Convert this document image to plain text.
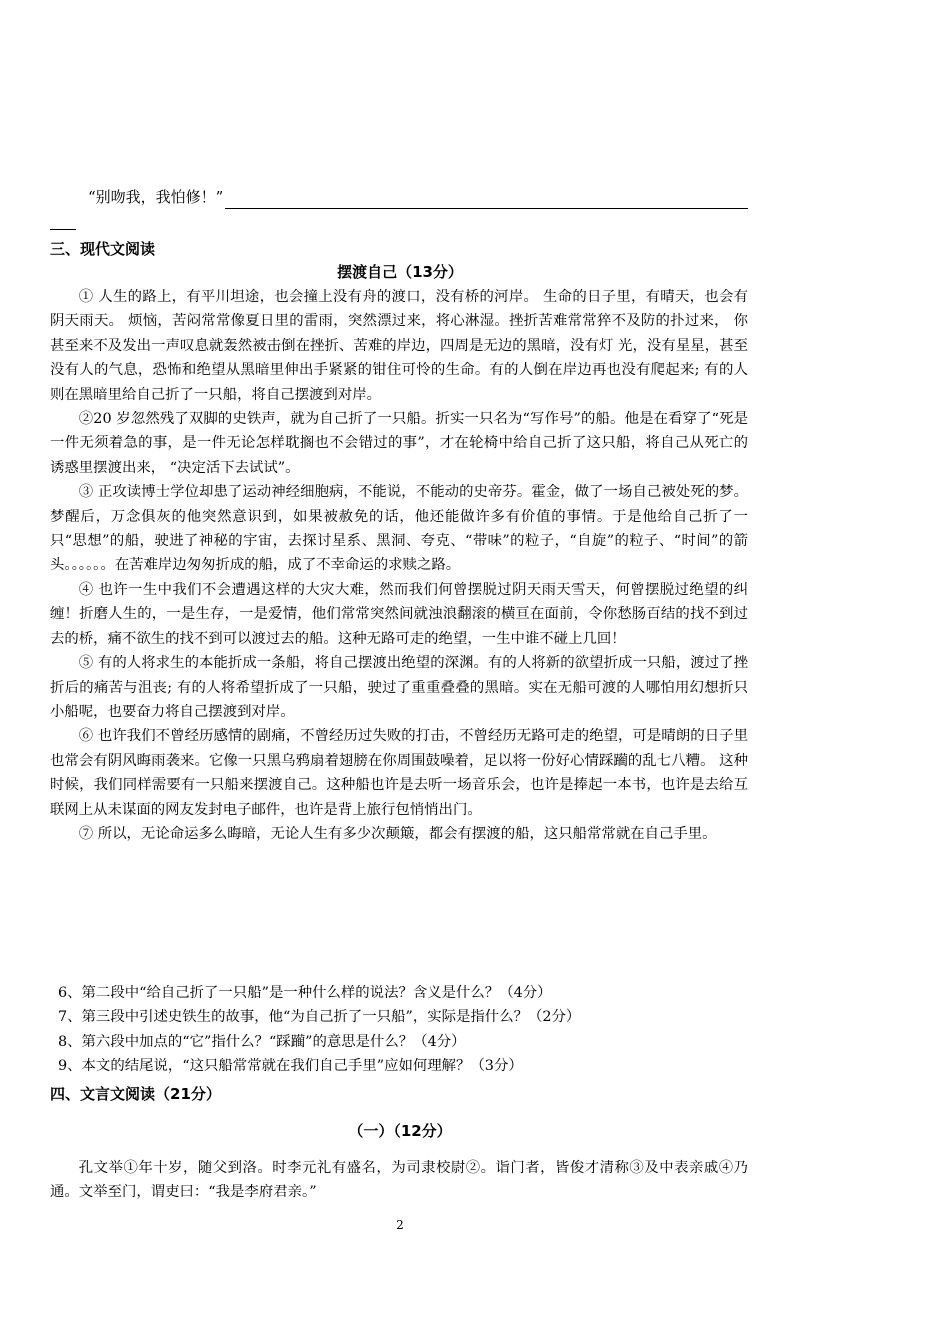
“别吻我，我怕修！”
三、现代文阅读
摆渡自己（13分）

① 人生的路上，有平川坦途，也会撞上没有舟的渡口，没有桥的河岸。 生命的日子里，有晴天，也会有阴天雨天。 烦恼，苦闷常常像夏日里的雷雨，突然漂过来，将心淋湿。挫折苦难常常猝不及防的扑过来， 你甚至来不及发出一声叹息就轰然被击倒在挫折、苦难的岸边，四周是无边的黑暗，没有灯 光，没有星星，甚至没有人的气息，恐怖和绝望从黑暗里伸出手紧紧的钳住可怜的生命。有的人倒在岸边再也没有爬起来; 有的人则在黑暗里给自己折了一只船，将自己摆渡到对岸。

②20 岁忽然残了双脚的史铁声，就为自己折了一只船。折实一只名为“写作号”的船。他是在看穿了“死是一件无须着急的事，是一件无论怎样耽搁也不会错过的事”，才在轮椅中给自己折了这只船，将自己从死亡的诱惑里摆渡出来， “决定活下去试试”。

③ 正攻读博士学位却患了运动神经细胞病，不能说，不能动的史帝芬。霍金，做了一场自己被处死的梦。梦醒后，万念俱灰的他突然意识到，如果被赦免的话，他还能做许多有价值的事情。于是他给自己折了一只“思想”的船，驶进了神秘的宇宙，去探讨星系、黑洞、夸克、“带味”的粒子，“自旋”的粒子、“时间”的箭头。。。。。。在苦难岸边匆匆折成的船，成了不幸命运的求赎之路。

④ 也许一生中我们不会遭遇这样的大灾大难，然而我们何曾摆脱过阴天雨天雪天，何曾摆脱过绝望的纠缠！折磨人生的，一是生存，一是爱情，他们常常突然间就浊浪翻滚的横亘在面前，令你愁肠百结的找不到过去的桥，痛不欲生的找不到可以渡过去的船。这种无路可走的绝望，一生中谁不碰上几回！

⑤ 有的人将求生的本能折成一条船，将自己摆渡出绝望的深渊。有的人将新的欲望折成一只船，渡过了挫折后的痛苦与沮丧; 有的人将希望折成了一只船，驶过了重重叠叠的黑暗。实在无船可渡的人哪怕用幻想折只小船呢，也要奋力将自己摆渡到对岸。

⑥ 也许我们不曾经历感情的剧痛，不曾经历过失败的打击，不曾经历无路可走的绝望，可是晴朗的日子里也常会有阴风晦雨袭来。它像一只黑乌鸦扇着翅膀在你周围鼓噪着，足以将一份好心情踩躏的乱七八糟。 这种时候，我们同样需要有一只船来摆渡自己。这种船也许是去听一场音乐会，也许是捧起一本书，也许是去给互联网上从未谋面的网友发封电子邮件，也许是背上旅行包悄悄出门。

⑦ 所以，无论命运多么晦暗，无论人生有多少次颠簸，都会有摆渡的船，这只船常常就在自己手里。

6、第二段中“给自己折了一只船”是一种什么样的说法？含义是什么？（4分）
7、第三段中引述史铁生的故事，他“为自己折了一只船”，实际是指什么？（2分）
8、第六段中加点的“它”指什么？“踩躏”的意思是什么？（4分）
9、本文的结尾说，“这只船常常就在我们自己手里”应如何理解？（3分）
四、文言文阅读（21分）
（一）（12分）

孔文举①年十岁，随父到洛。时李元礼有盛名，为司隶校尉②。诣门者，皆俊才清称③及中表亲戚④乃通。文举至门，谓吏曰：“我是李府君亲。”

2
